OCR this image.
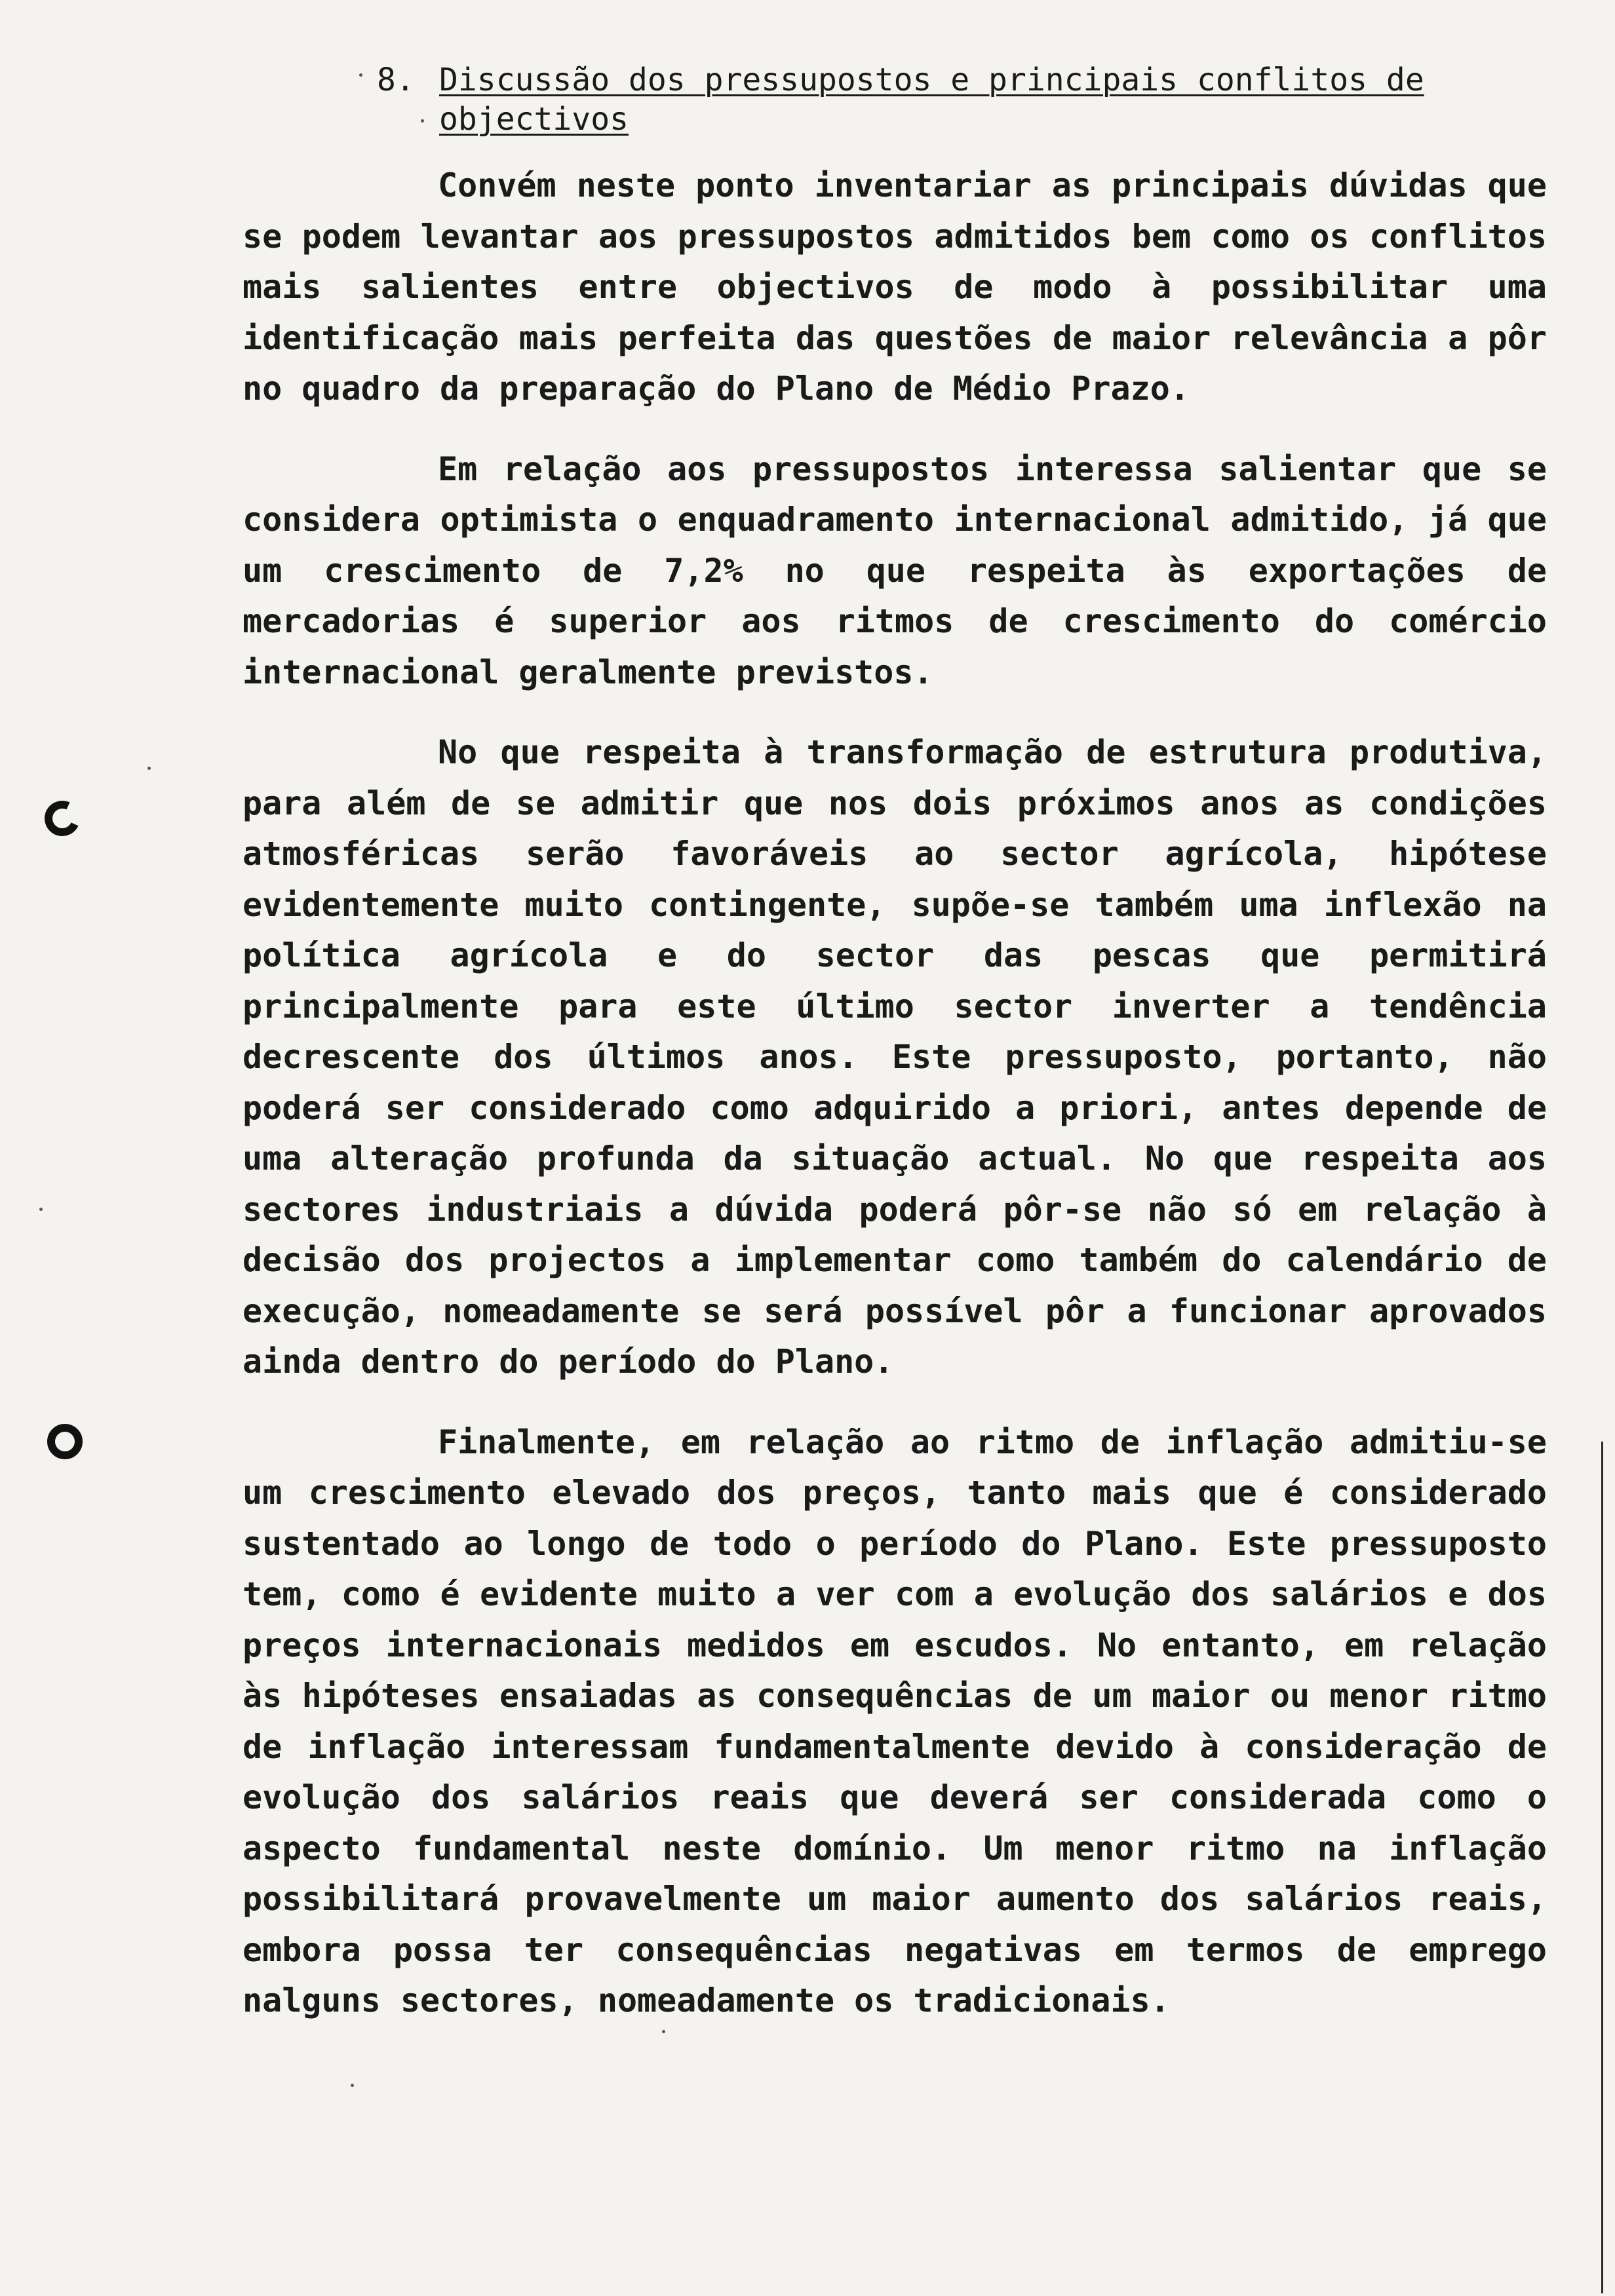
8. Discussão dos pressupostos e principais conflitos de objectivos

Convém neste ponto inventariar as principais dúvidas que se podem levantar aos pressupostos admitidos bem como os conflitos mais salientes entre objectivos de modo à possibilitar uma identificação mais perfeita das questões de maior relevância a pôr no quadro da preparação do Plano de Médio Prazo.

Em relação aos pressupostos interessa salientar que se considera optimista o enquadramento internacional admitido, já que um crescimento de 7,2% no que respeita às exportações de mercadorias é superior aos ritmos de crescimento do comércio internacional geralmente previstos.

No que respeita à transformação de estrutura produtiva, para além de se admitir que nos dois próximos anos as condições atmosféricas serão favoráveis ao sector agrícola, hipótese evidentemente muito contingente, supõe-se também uma inflexão na política agrícola e do sector das pescas que permitirá principalmente para este último sector inverter a tendência decrescente dos últimos anos. Este pressuposto, portanto, não poderá ser considerado como adquirido a priori, antes depende de uma alteração profunda da situação actual. No que respeita aos sectores industriais a dúvida poderá pôr-se não só em relação à decisão dos projectos a implementar como também do calendário de execução, nomeadamente se será possível pôr a funcionar aprovados ainda dentro do período do Plano.

Finalmente, em relação ao ritmo de inflação admitiu-se um crescimento elevado dos preços, tanto mais que é considerado sustentado ao longo de todo o período do Plano. Este pressuposto tem, como é evidente muito a ver com a evolução dos salários e dos preços internacionais medidos em escudos. No entanto, em relação às hipóteses ensaiadas as consequências de um maior ou menor ritmo de inflação interessam fundamentalmente devido à consideração de evolução dos salários reais que deverá ser considerada como o aspecto fundamental neste domínio. Um menor ritmo na inflação possibilitará provavelmente um maior aumento dos salários reais, embora possa ter consequências negativas em termos de emprego nalguns sectores, nomeadamente os tradicionais.
